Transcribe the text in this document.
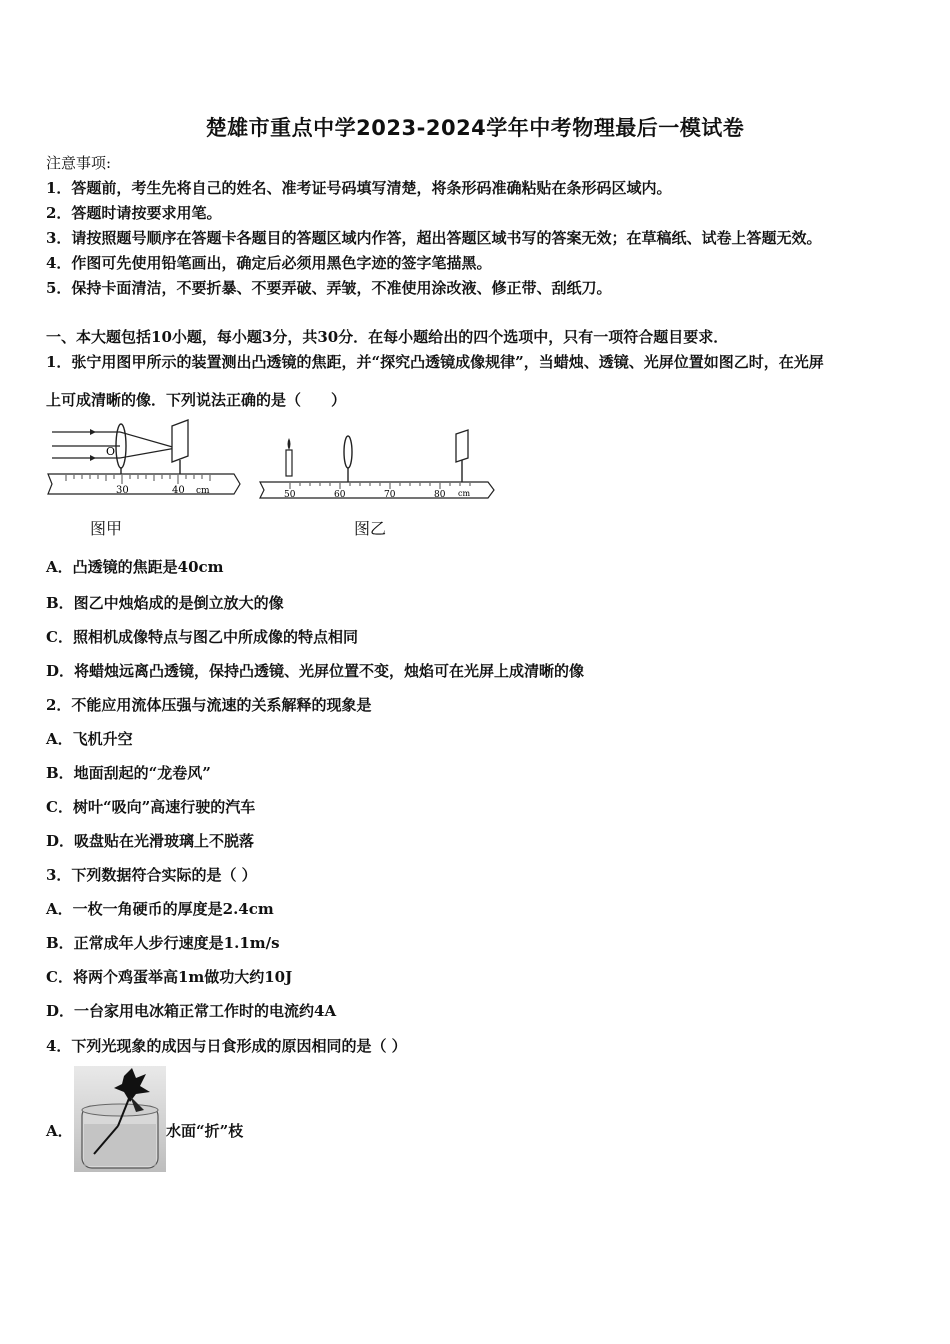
楚雄市重点中学2023-2024学年中考物理最后一模试卷
注意事项:
1．答题前，考生先将自己的姓名、准考证号码填写清楚，将条形码准确粘贴在条形码区域内。
2．答题时请按要求用笔。
3．请按照题号顺序在答题卡各题目的答题区域内作答，超出答题区域书写的答案无效；在草稿纸、试卷上答题无效。
4．作图可先使用铅笔画出，确定后必须用黑色字迹的签字笔描黑。
5．保持卡面清洁，不要折暴、不要弄破、弄皱，不准使用涂改液、修正带、刮纸刀。
一、本大题包括10小题，每小题3分，共30分．在每小题给出的四个选项中，只有一项符合题目要求．
1．张宁用图甲所示的装置测出凸透镜的焦距，并“探究凸透镜成像规律”，当蜡烛、透镜、光屏位置如图乙时，在光屏
上可成清晰的像．下列说法正确的是（　　）
O
30	40 cm
图甲
50	60	70	80 cm
图乙
A．凸透镜的焦距是40cm
B．图乙中烛焰成的是倒立放大的像
C．照相机成像特点与图乙中所成像的特点相同
D．将蜡烛远离凸透镜，保持凸透镜、光屏位置不变，烛焰可在光屏上成清晰的像
2．不能应用流体压强与流速的关系解释的现象是
A．飞机升空
B．地面刮起的“龙卷风”
C．树叶“吸向”高速行驶的汽车
D．吸盘贴在光滑玻璃上不脱落
3．下列数据符合实际的是（ ）
A．一枚一角硬币的厚度是2.4cm
B．正常成年人步行速度是1.1m/s
C．将两个鸡蛋举高1m做功大约10J
D．一台家用电冰箱正常工作时的电流约4A
4．下列光现象的成因与日食形成的原因相同的是（ ）
A．	水面“折”枝
